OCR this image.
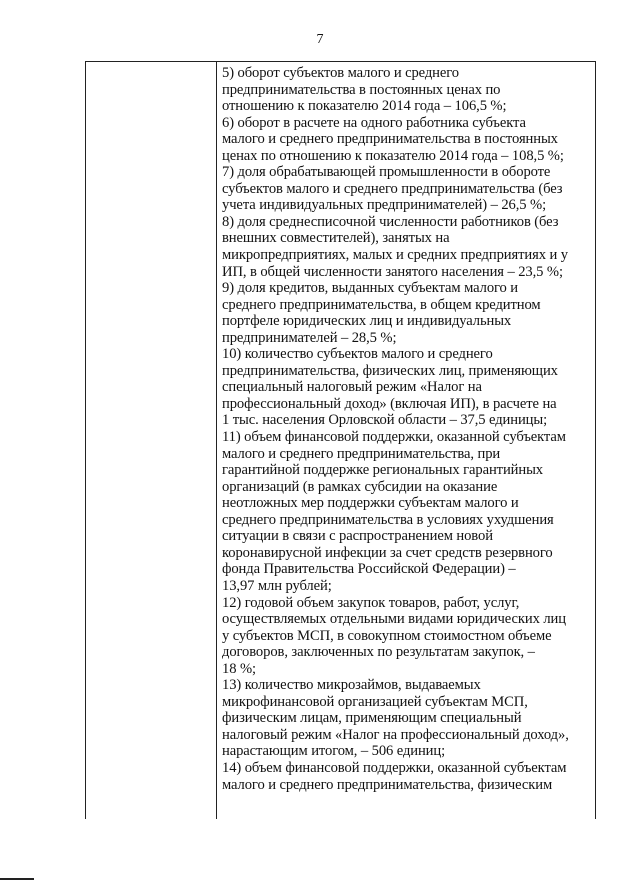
7

5) оборот субъектов малого и среднего

предпринимательства в постоянных ценах по

отношению к показателю 2014 года – 106,5 %;

6) оборот в расчете на одного работника субъекта

малого и среднего предпринимательства в постоянных

ценах по отношению к показателю 2014 года – 108,5 %;

7) доля обрабатывающей промышленности в обороте

субъектов малого и среднего предпринимательства (без

учета индивидуальных предпринимателей) – 26,5 %;

8) доля среднесписочной численности работников (без

внешних совместителей), занятых на

микропредприятиях, малых и средних предприятиях и у

ИП, в общей численности занятого населения – 23,5 %;

9) доля кредитов, выданных субъектам малого и

среднего предпринимательства, в общем кредитном

портфеле юридических лиц и индивидуальных

предпринимателей – 28,5 %;

10) количество субъектов малого и среднего

предпринимательства, физических лиц, применяющих

специальный налоговый режим «Налог на

профессиональный доход» (включая ИП), в расчете на

1 тыс. населения Орловской области – 37,5 единицы;

11) объем финансовой поддержки, оказанной субъектам

малого и среднего предпринимательства, при

гарантийной поддержке региональных гарантийных

организаций (в рамках субсидии на оказание

неотложных мер поддержки субъектам малого и

среднего предпринимательства в условиях ухудшения

ситуации в связи с распространением новой

коронавирусной инфекции за счет средств резервного

фонда Правительства Российской Федерации) –

13,97 млн рублей;

12) годовой объем закупок товаров, работ, услуг,

осуществляемых отдельными видами юридических лиц

у субъектов МСП, в совокупном стоимостном объеме

договоров, заключенных по результатам закупок, –

18 %;

13) количество микрозаймов, выдаваемых

микрофинансовой организацией субъектам МСП,

физическим лицам, применяющим специальный

налоговый режим «Налог на профессиональный доход»,

нарастающим итогом, – 506 единиц;

14) объем финансовой поддержки, оказанной субъектам

малого и среднего предпринимательства, физическим
